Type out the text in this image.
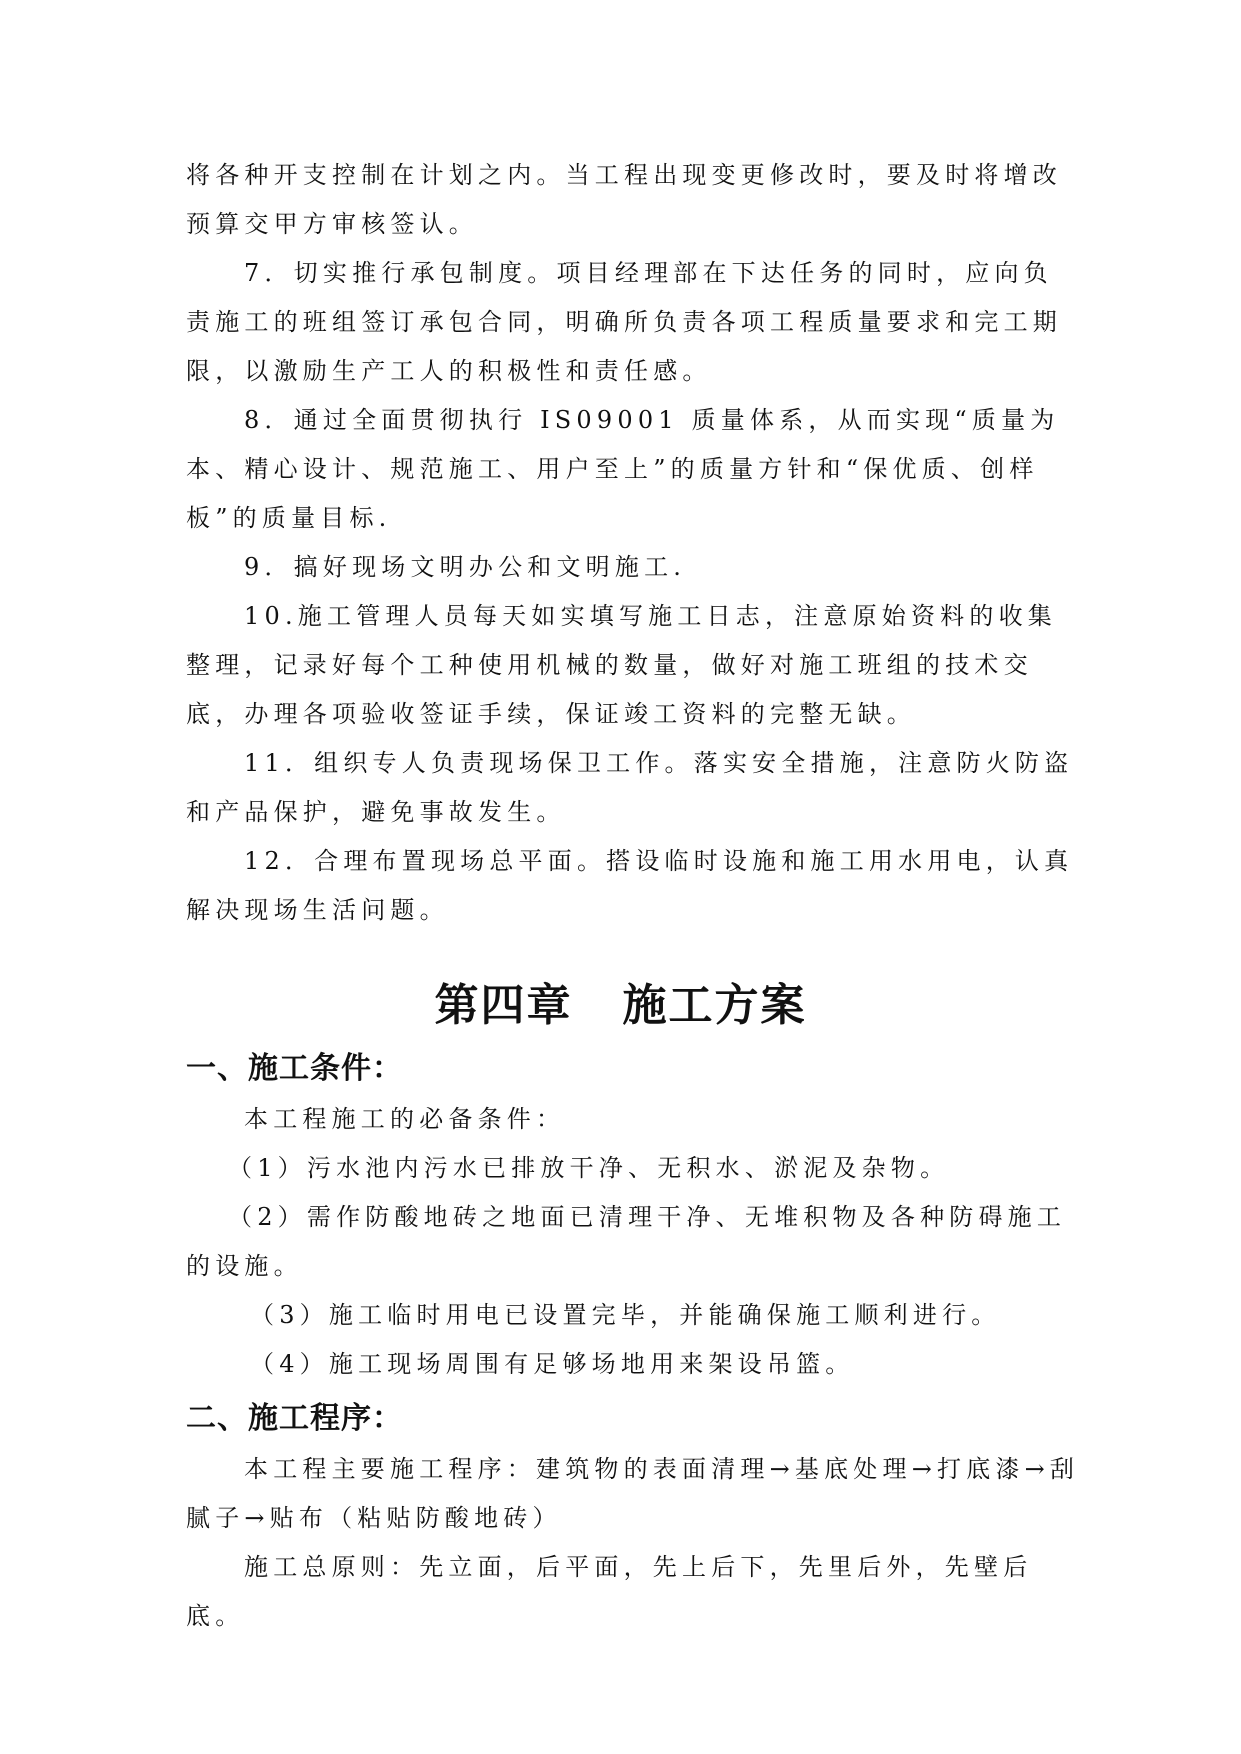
将各种开支控制在计划之内。当工程出现变更修改时，要及时将增改预算交甲方审核签认。

7．切实推行承包制度。项目经理部在下达任务的同时，应向负责施工的班组签订承包合同，明确所负责各项工程质量要求和完工期限，以激励生产工人的积极性和责任感。

8．通过全面贯彻执行 IS09001 质量体系，从而实现“质量为本、精心设计、规范施工、用户至上”的质量方针和“保优质、创样板”的质量目标.

9．搞好现场文明办公和文明施工.

10.施工管理人员每天如实填写施工日志，注意原始资料的收集整理，记录好每个工种使用机械的数量，做好对施工班组的技术交底，办理各项验收签证手续，保证竣工资料的完整无缺。

11．组织专人负责现场保卫工作。落实安全措施，注意防火防盗和产品保护，避免事故发生。

12．合理布置现场总平面。搭设临时设施和施工用水用电，认真解决现场生活问题。

第四章 施工方案
一、施工条件：

本工程施工的必备条件：

（1）污水池内污水已排放干净、无积水、淤泥及杂物。

（2）需作防酸地砖之地面已清理干净、无堆积物及各种防碍施工的设施。

（3）施工临时用电已设置完毕，并能确保施工顺利进行。

（4）施工现场周围有足够场地用来架设吊篮。

二、施工程序：

本工程主要施工程序：建筑物的表面清理→基底处理→打底漆→刮腻子→贴布（粘贴防酸地砖）

施工总原则：先立面，后平面，先上后下，先里后外，先壁后底。
